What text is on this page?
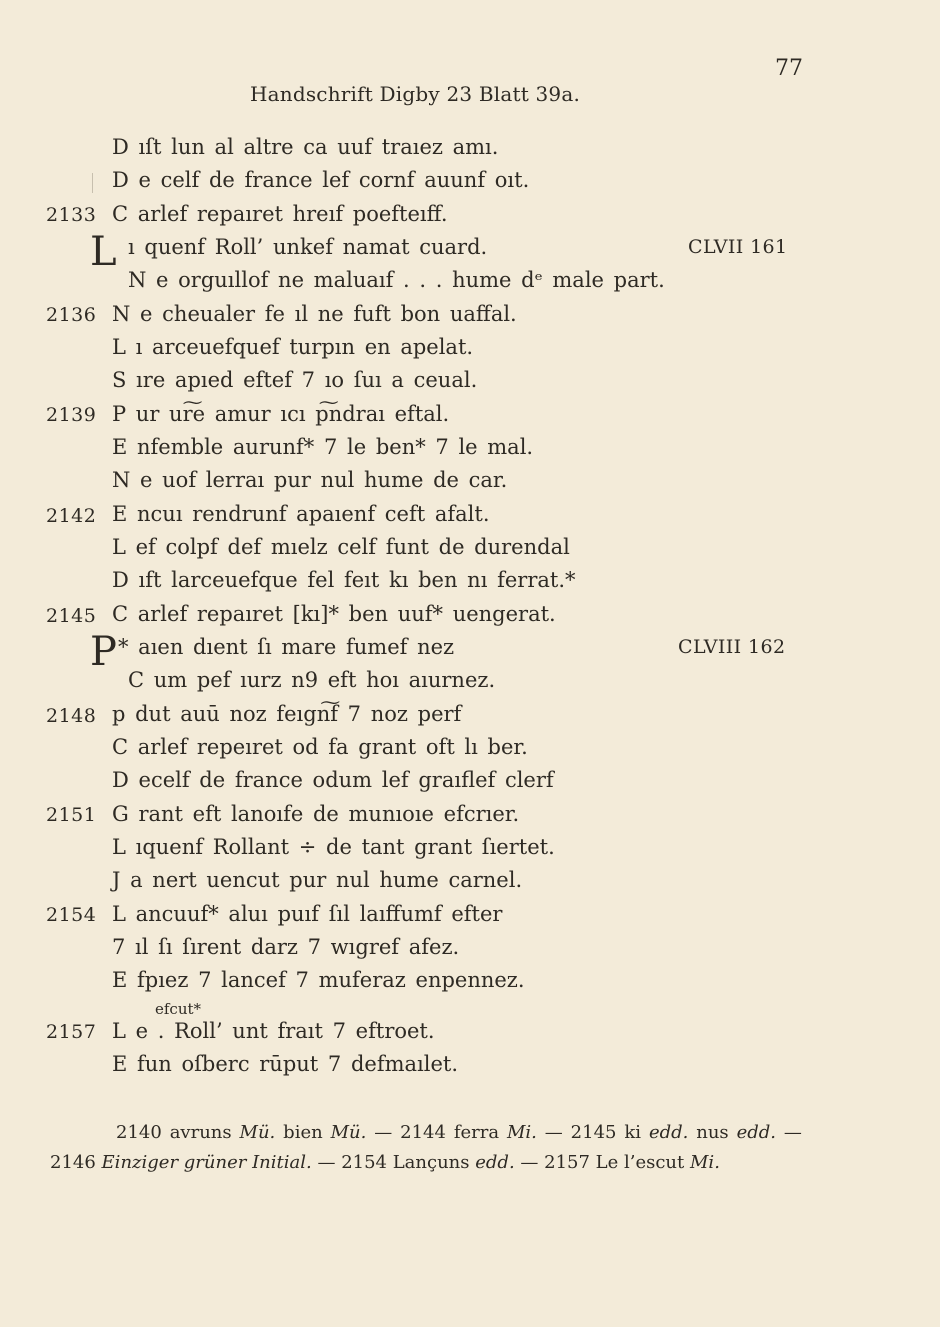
77
Handschrift Digby 23 Blatt 39a.
2133
2136
2139
2142
2145
2148
2151
2154
2157
D ıſt lun al altre ca uuf traıez amı.
D e celf de france lef cornf auunf oıt.
C arlef repaıret hreıf poefteıff.
L ı quenf Roll’ unkef namat cuard.
N e orguıllof ne maluaıf . . . hume dᵉ male part.
CLVII 161
N e cheualer fe ıl ne fuft bon uaffal.
L ı arceuefquef turpın en apelat.
S ıre apıed eftef 7 ıo ſuı a ceual.
P ur ur͠e amur ıcı p͠ndraı eftal.
E nfemble aurunf* 7 le ben* 7 le mal.
N e uof lerraı pur nul hume de car.
E ncuı rendrunf apaıenf ceft afalt.
L ef colpf def mıelz celf funt de durendal
D ıft larceuefque fel feıt kı ben nı ferrat.*
C arlef repaıret [kı]* ben uuf* uengerat.
P * aıen dıent ſı mare fumef nez	CLVIII 162
C um pef ıurz n9 eft hoı aıurnez.
p dut auū noz feıgn͠f 7 noz perf
C arlef repeıret od fa grant oft lı ber.
D ecelf de france odum lef graıflef clerf
G rant eft lanoıfe de munıoıe efcrıer.
L ıquenf Rollant ÷ de tant grant ſıertet.
J a nert uencut pur nul hume carnel.
L ancuuf* aluı puıf ſıl laıffumf efter
7 ıl ſı ſırent darz 7 wıgref afez.
E fpıez 7 lancef 7 muferaz enpennez.
efcut*
L e . Roll’ unt fraıt 7 eftroet.
E fun oſberc rūput 7 defmaılet.
2140 avruns Mü. bien Mü. — 2144 ferra Mi. — 2145 ki edd. nus edd. — 2146 Einziger grüner Initial. — 2154 Lançuns edd. — 2157 Le l’escut Mi.
